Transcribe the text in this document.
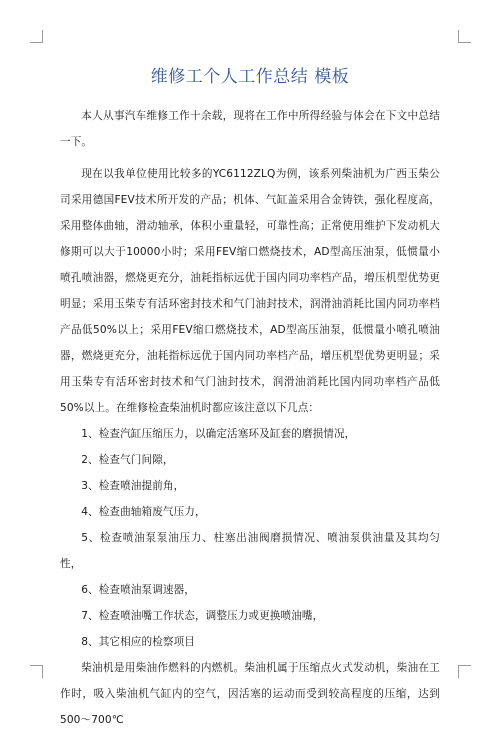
维修工个人工作总结 模板

本人从事汽车维修工作十余载，现将在工作中所得经验与体会在下文中总结一下。

现在以我单位使用比较多的YC6112ZLQ为例，该系列柴油机为广西玉柴公司采用德国FEV技术所开发的产品；机体、气缸盖采用合金铸铁，强化程度高，采用整体曲轴，滑动轴承，体积小重量轻，可靠性高；正常使用维护下发动机大修期可以大于10000小时；采用FEV缩口燃烧技术，AD型高压油泵，低惯量小喷孔喷油器，燃烧更充分，油耗指标远优于国内同功率档产品，增压机型优势更明显；采用玉柴专有活环密封技术和气门油封技术，润滑油消耗比国内同功率档产品低50%以上；采用FEV缩口燃烧技术，AD型高压油泵，低惯量小喷孔喷油器，燃烧更充分，油耗指标远优于国内同功率档产品，增压机型优势更明显；采用玉柴专有活环密封技术和气门油封技术，润滑油消耗比国内同功率档产品低50%以上。在维修检查柴油机时都应该注意以下几点：

1、检查汽缸压缩压力，以确定活塞环及缸套的磨损情况，

2、检查气门间隙，

3、检查喷油提前角，

4、检查曲轴箱废气压力，

5、检查喷油泵泵油压力、柱塞出油阀磨损情况、喷油泵供油量及其均匀性，

6、检查喷油泵调速器，

7、检查喷油嘴工作状态，调整压力或更换喷油嘴，

8、其它相应的检察项目

柴油机是用柴油作燃料的内燃机。柴油机属于压缩点火式发动机，柴油在工作时，吸入柴油机气缸内的空气，因活塞的运动而受到较高程度的压缩，达到500～700℃
